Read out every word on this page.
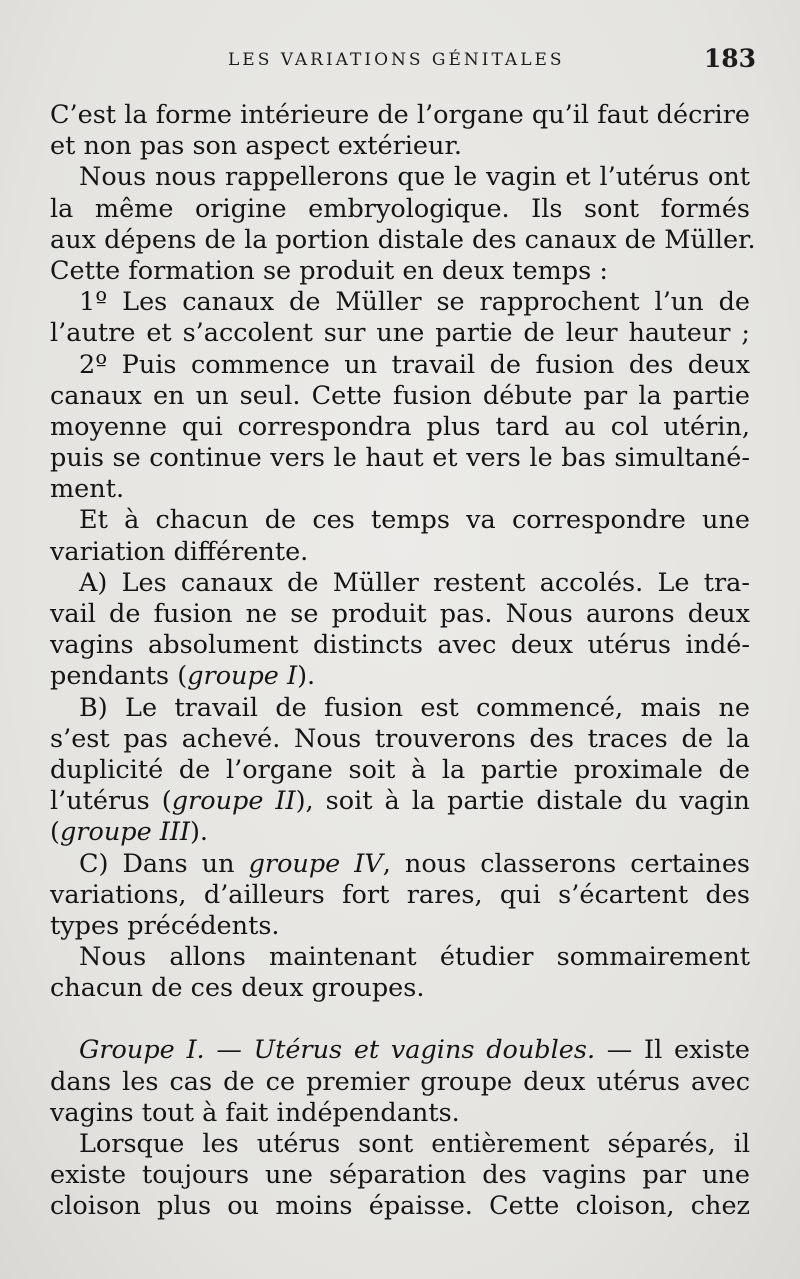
LES VARIATIONS GÉNITALES	183
C’est la forme intérieure de l’organe qu’il faut décrire
et non pas son aspect extérieur.
Nous nous rappellerons que le vagin et l’utérus ont
la même origine embryologique. Ils sont formés
aux dépens de la portion distale des canaux de Müller.
Cette formation se produit en deux temps :
1º Les canaux de Müller se rapprochent l’un de
l’autre et s’accolent sur une partie de leur hauteur ;
2º Puis commence un travail de fusion des deux
canaux en un seul. Cette fusion débute par la partie
moyenne qui correspondra plus tard au col utérin,
puis se continue vers le haut et vers le bas simultané-
ment.
Et à chacun de ces temps va correspondre une
variation différente.
A) Les canaux de Müller restent accolés. Le tra-
vail de fusion ne se produit pas. Nous aurons deux
vagins absolument distincts avec deux utérus indé-
pendants (groupe I).
B) Le travail de fusion est commencé, mais ne
s’est pas achevé. Nous trouverons des traces de la
duplicité de l’organe soit à la partie proximale de
l’utérus (groupe II), soit à la partie distale du vagin
(groupe III).
C) Dans un groupe IV, nous classerons certaines
variations, d’ailleurs fort rares, qui s’écartent des
types précédents.
Nous allons maintenant étudier sommairement
chacun de ces deux groupes.
Groupe I. — Utérus et vagins doubles. — Il existe
dans les cas de ce premier groupe deux utérus avec
vagins tout à fait indépendants.
Lorsque les utérus sont entièrement séparés, il
existe toujours une séparation des vagins par une
cloison plus ou moins épaisse. Cette cloison, chez
